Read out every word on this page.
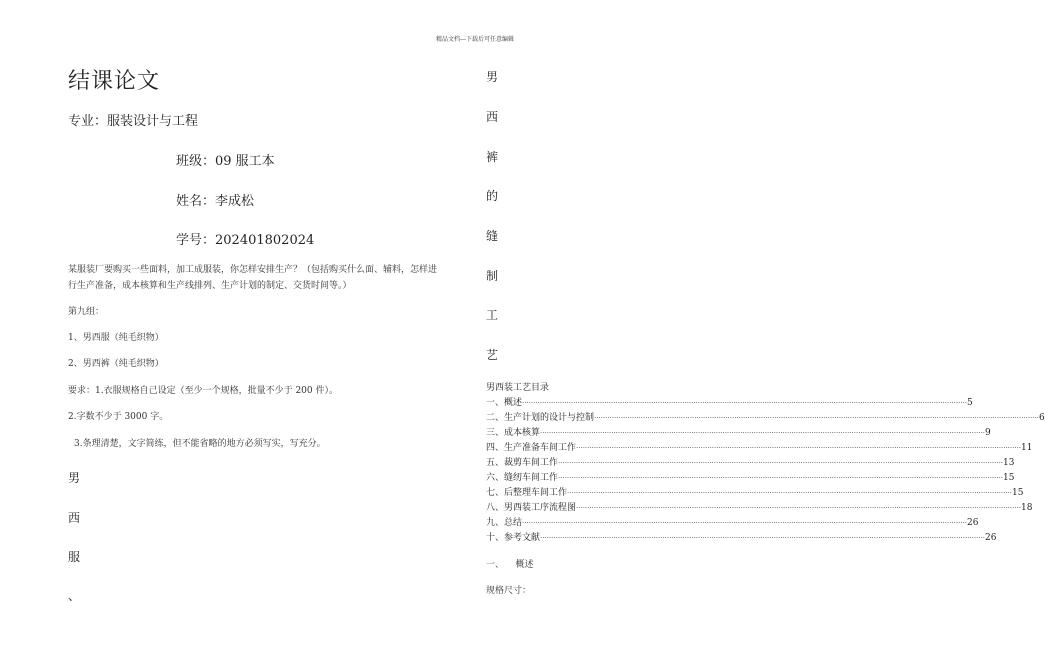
精品文档---下载后可任意编辑
结课论文
专业：服装设计与工程
班级：09 服工本
姓名：李成松
学号：202401802024
某服装厂要购买一些面料，加工成服装，你怎样安排生产？（包括购买什么面、辅料，怎样进
行生产准备，成本核算和生产线排列、生产计划的制定、交货时间等。）
第九组：
1、男西服（纯毛织物）
2、男西裤（纯毛织物）
要求：1.衣服规格自己设定（至少一个规格，批量不少于 200 件）。
2.字数不少于 3000 字。
3.条理清楚，文字简练，但不能省略的地方必须写实，写充分。
男
西
服
、
男
西
裤
的
缝
制
工
艺
男西装工艺目录
一、概述 ········································································································································································································ 5
二、生产计划的设计与控制 ········································································································································································································ 6
三、成本核算 ········································································································································································································ 9
四、生产准备车间工作 ········································································································································································································ 11
五、裁剪车间工作 ········································································································································································································ 13
六、缝纫车间工作 ········································································································································································································ 15
七、后整理车间工作 ········································································································································································································ 15
八、男西装工序流程图 ········································································································································································································ 18
九、总结 ········································································································································································································ 26
十、参考文献 ········································································································································································································ 26
一、    概述
规格尺寸：
